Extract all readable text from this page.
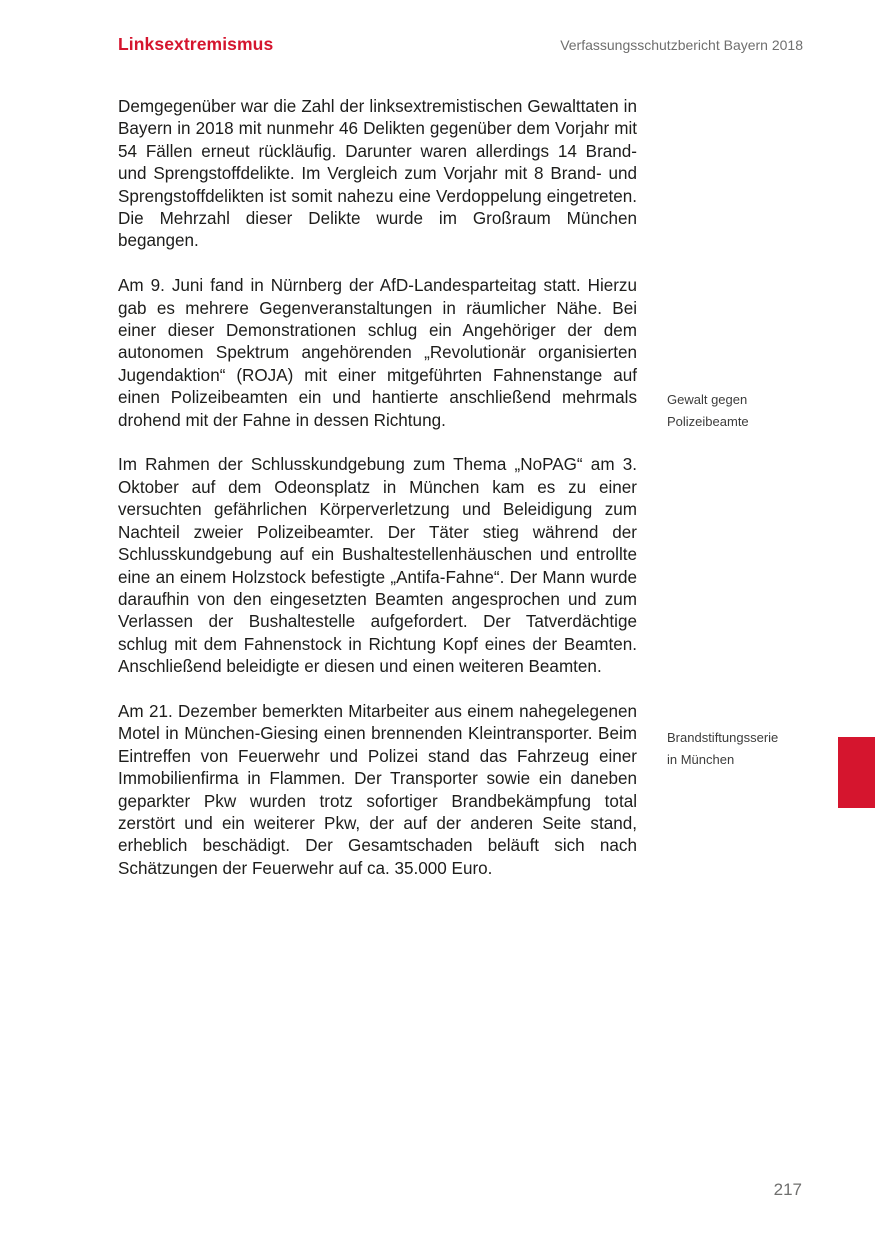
Linksextremismus	Verfassungsschutzbericht Bayern 2018

Demgegenüber war die Zahl der linksextremistischen Gewalttaten in Bayern in 2018 mit nunmehr 46 Delikten gegenüber dem Vorjahr mit 54 Fällen erneut rückläufig. Darunter waren allerdings 14 Brand- und Sprengstoffdelikte. Im Vergleich zum Vorjahr mit 8 Brand- und Sprengstoffdelikten ist somit nahezu eine Verdoppelung eingetreten. Die Mehrzahl dieser Delikte wurde im Großraum München begangen.

Am 9. Juni fand in Nürnberg der AfD-Landesparteitag statt. Hierzu gab es mehrere Gegenveranstaltungen in räumlicher Nähe. Bei einer dieser Demonstrationen schlug ein Angehöriger der dem autonomen Spektrum angehörenden „Revolutionär organisierten Jugendaktion“ (ROJA) mit einer mitgeführten Fahnenstange auf einen Polizeibeamten ein und hantierte anschließend mehrmals drohend mit der Fahne in dessen Richtung.

Im Rahmen der Schlusskundgebung zum Thema „NoPAG“ am 3. Oktober auf dem Odeonsplatz in München kam es zu einer versuchten gefährlichen Körperverletzung und Beleidigung zum Nachteil zweier Polizeibeamter. Der Täter stieg während der Schlusskundgebung auf ein Bushaltestellenhäuschen und entrollte eine an einem Holzstock befestigte „Antifa-Fahne“. Der Mann wurde daraufhin von den eingesetzten Beamten angesprochen und zum Verlassen der Bushaltestelle aufgefordert. Der Tatverdächtige schlug mit dem Fahnenstock in Richtung Kopf eines der Beamten. Anschließend beleidigte er diesen und einen weiteren Beamten.

Am 21. Dezember bemerkten Mitarbeiter aus einem nahegelegenen Motel in München-Giesing einen brennenden Kleintransporter. Beim Eintreffen von Feuerwehr und Polizei stand das Fahrzeug einer Immobilienfirma in Flammen. Der Transporter sowie ein daneben geparkter Pkw wurden trotz sofortiger Brandbekämpfung total zerstört und ein weiterer Pkw, der auf der anderen Seite stand, erheblich beschädigt. Der Gesamtschaden beläuft sich nach Schätzungen der Feuerwehr auf ca. 35.000 Euro.

Gewalt gegen
Polizeibeamte
Brandstiftungsserie
in München
217
